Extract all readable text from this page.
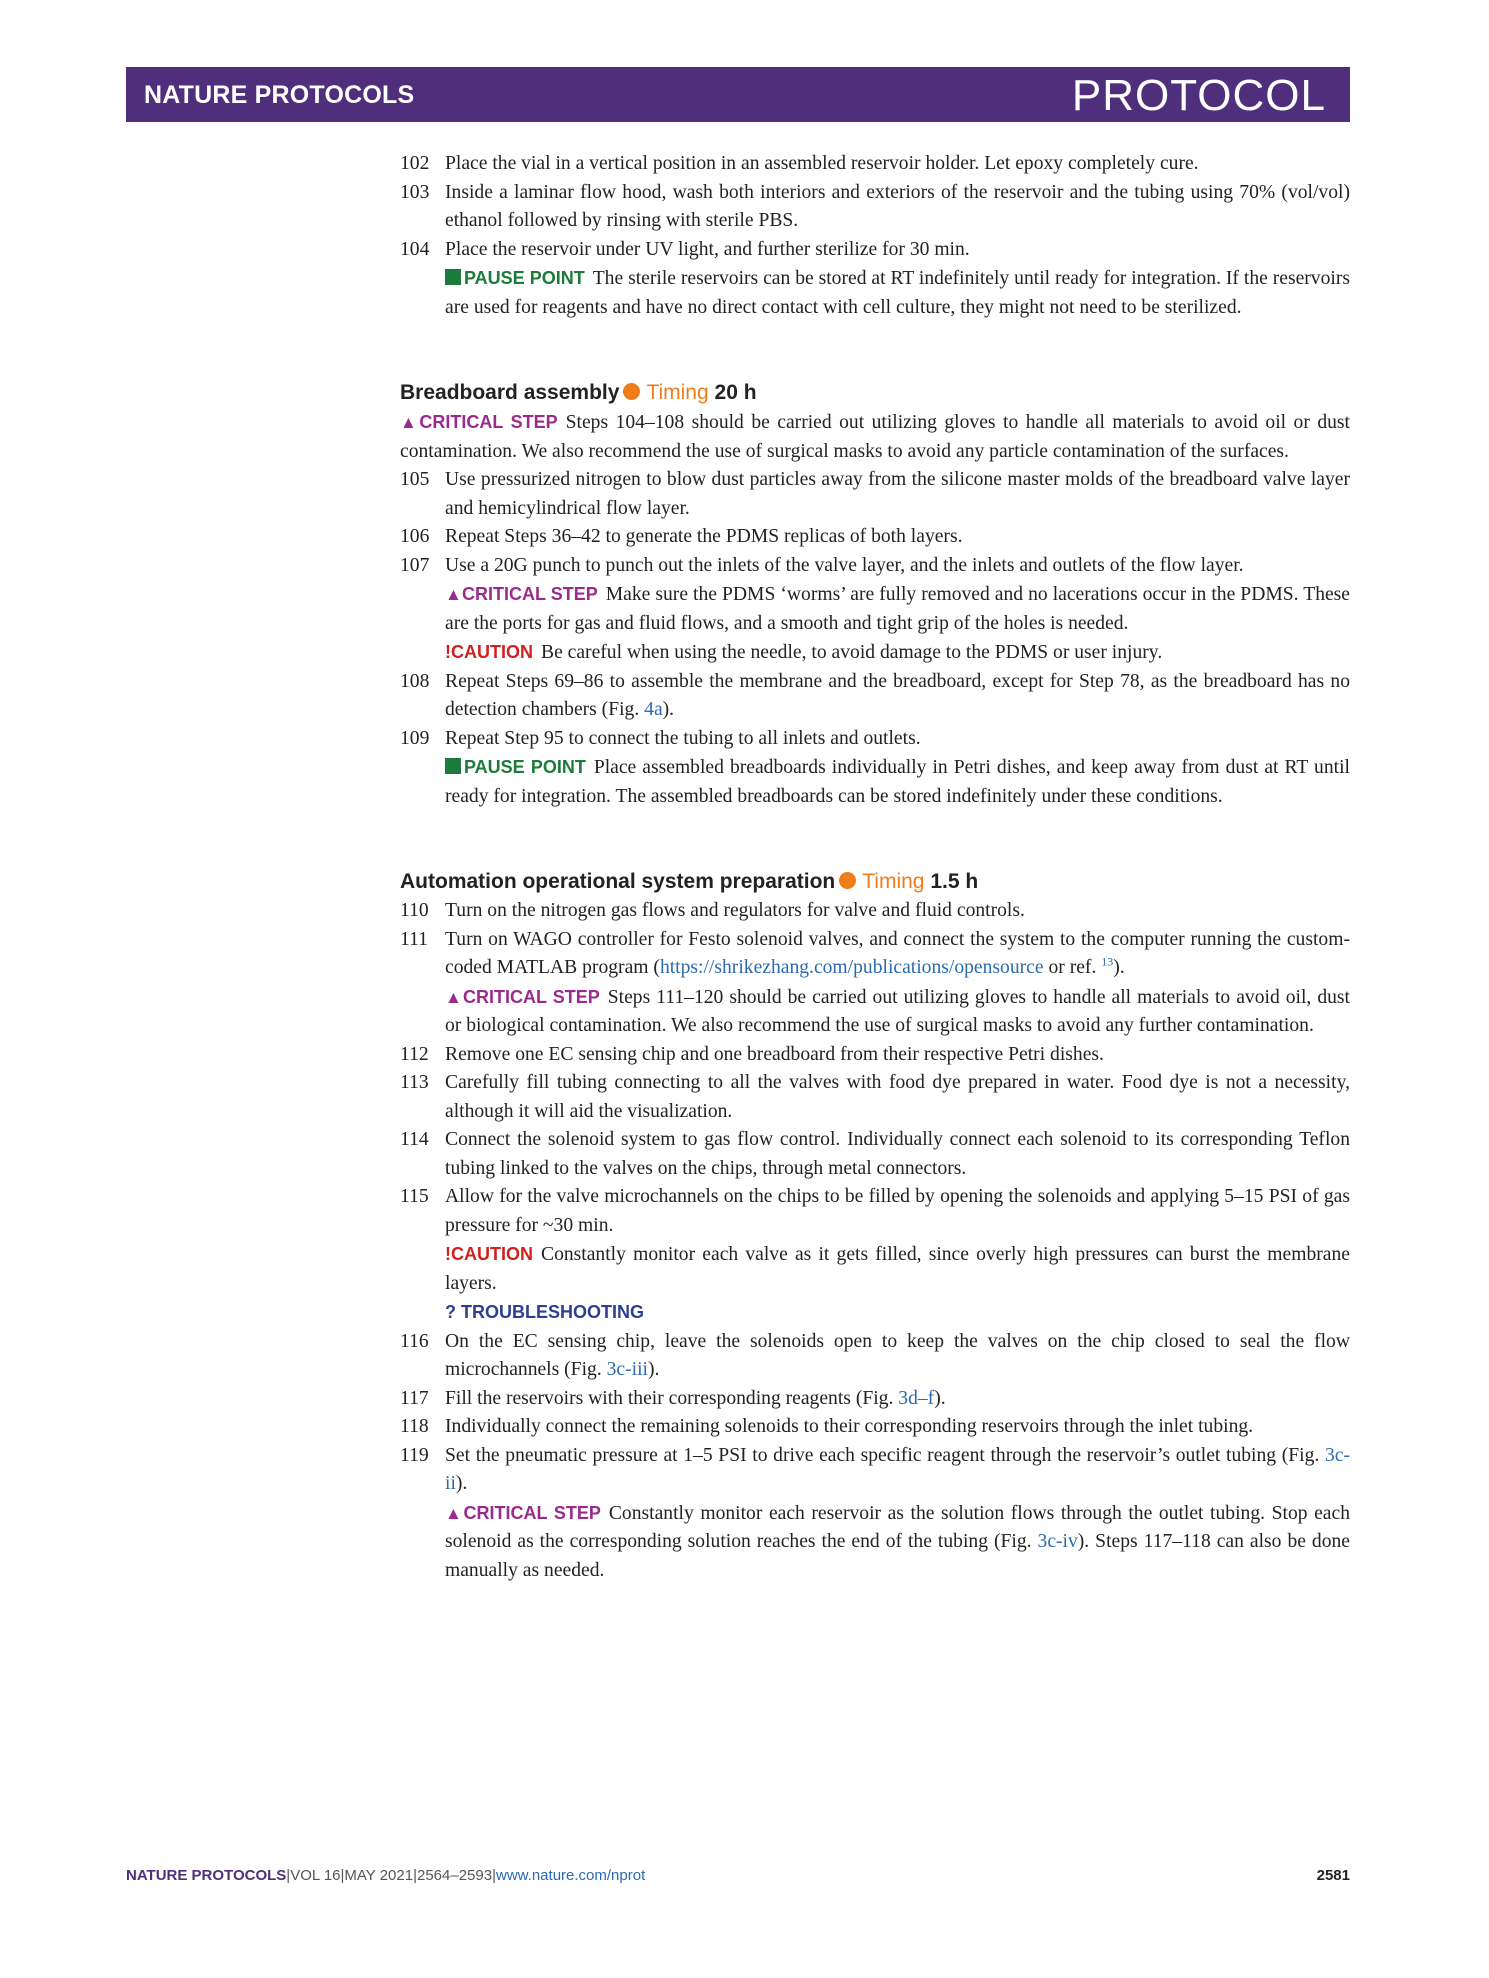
NATURE PROTOCOLS	PROTOCOL
102 Place the vial in a vertical position in an assembled reservoir holder. Let epoxy completely cure.
103 Inside a laminar flow hood, wash both interiors and exteriors of the reservoir and the tubing using 70% (vol/vol) ethanol followed by rinsing with sterile PBS.
104 Place the reservoir under UV light, and further sterilize for 30 min.
PAUSE POINT The sterile reservoirs can be stored at RT indefinitely until ready for integration. If the reservoirs are used for reagents and have no direct contact with cell culture, they might not need to be sterilized.
Breadboard assembly Timing 20 h
▲CRITICAL STEP Steps 104–108 should be carried out utilizing gloves to handle all materials to avoid oil or dust contamination. We also recommend the use of surgical masks to avoid any particle contamination of the surfaces.
105 Use pressurized nitrogen to blow dust particles away from the silicone master molds of the breadboard valve layer and hemicylindrical flow layer.
106 Repeat Steps 36–42 to generate the PDMS replicas of both layers.
107 Use a 20G punch to punch out the inlets of the valve layer, and the inlets and outlets of the flow layer.
▲CRITICAL STEP Make sure the PDMS ‘worms’ are fully removed and no lacerations occur in the PDMS. These are the ports for gas and fluid flows, and a smooth and tight grip of the holes is needed.
!CAUTION Be careful when using the needle, to avoid damage to the PDMS or user injury.
108 Repeat Steps 69–86 to assemble the membrane and the breadboard, except for Step 78, as the breadboard has no detection chambers (Fig. 4a).
109 Repeat Step 95 to connect the tubing to all inlets and outlets.
PAUSE POINT Place assembled breadboards individually in Petri dishes, and keep away from dust at RT until ready for integration. The assembled breadboards can be stored indefinitely under these conditions.
Automation operational system preparation Timing 1.5 h
110 Turn on the nitrogen gas flows and regulators for valve and fluid controls.
111 Turn on WAGO controller for Festo solenoid valves, and connect the system to the computer running the custom-coded MATLAB program (https://shrikezhang.com/publications/opensource or ref. $^{13}$).
▲CRITICAL STEP Steps 111–120 should be carried out utilizing gloves to handle all materials to avoid oil, dust or biological contamination. We also recommend the use of surgical masks to avoid any further contamination.
112 Remove one EC sensing chip and one breadboard from their respective Petri dishes.
113 Carefully fill tubing connecting to all the valves with food dye prepared in water. Food dye is not a necessity, although it will aid the visualization.
114 Connect the solenoid system to gas flow control. Individually connect each solenoid to its corresponding Teflon tubing linked to the valves on the chips, through metal connectors.
115 Allow for the valve microchannels on the chips to be filled by opening the solenoids and applying 5–15 PSI of gas pressure for ~30 min.
!CAUTION Constantly monitor each valve as it gets filled, since overly high pressures can burst the membrane layers.
? TROUBLESHOOTING
116 On the EC sensing chip, leave the solenoids open to keep the valves on the chip closed to seal the flow microchannels (Fig. 3c-iii).
117 Fill the reservoirs with their corresponding reagents (Fig. 3d–f).
118 Individually connect the remaining solenoids to their corresponding reservoirs through the inlet tubing.
119 Set the pneumatic pressure at 1–5 PSI to drive each specific reagent through the reservoir’s outlet tubing (Fig. 3c-ii).
▲CRITICAL STEP Constantly monitor each reservoir as the solution flows through the outlet tubing. Stop each solenoid as the corresponding solution reaches the end of the tubing (Fig. 3c-iv). Steps 117–118 can also be done manually as needed.
NATURE PROTOCOLS|VOL 16|MAY 2021|2564–2593|www.nature.com/nprot	2581
